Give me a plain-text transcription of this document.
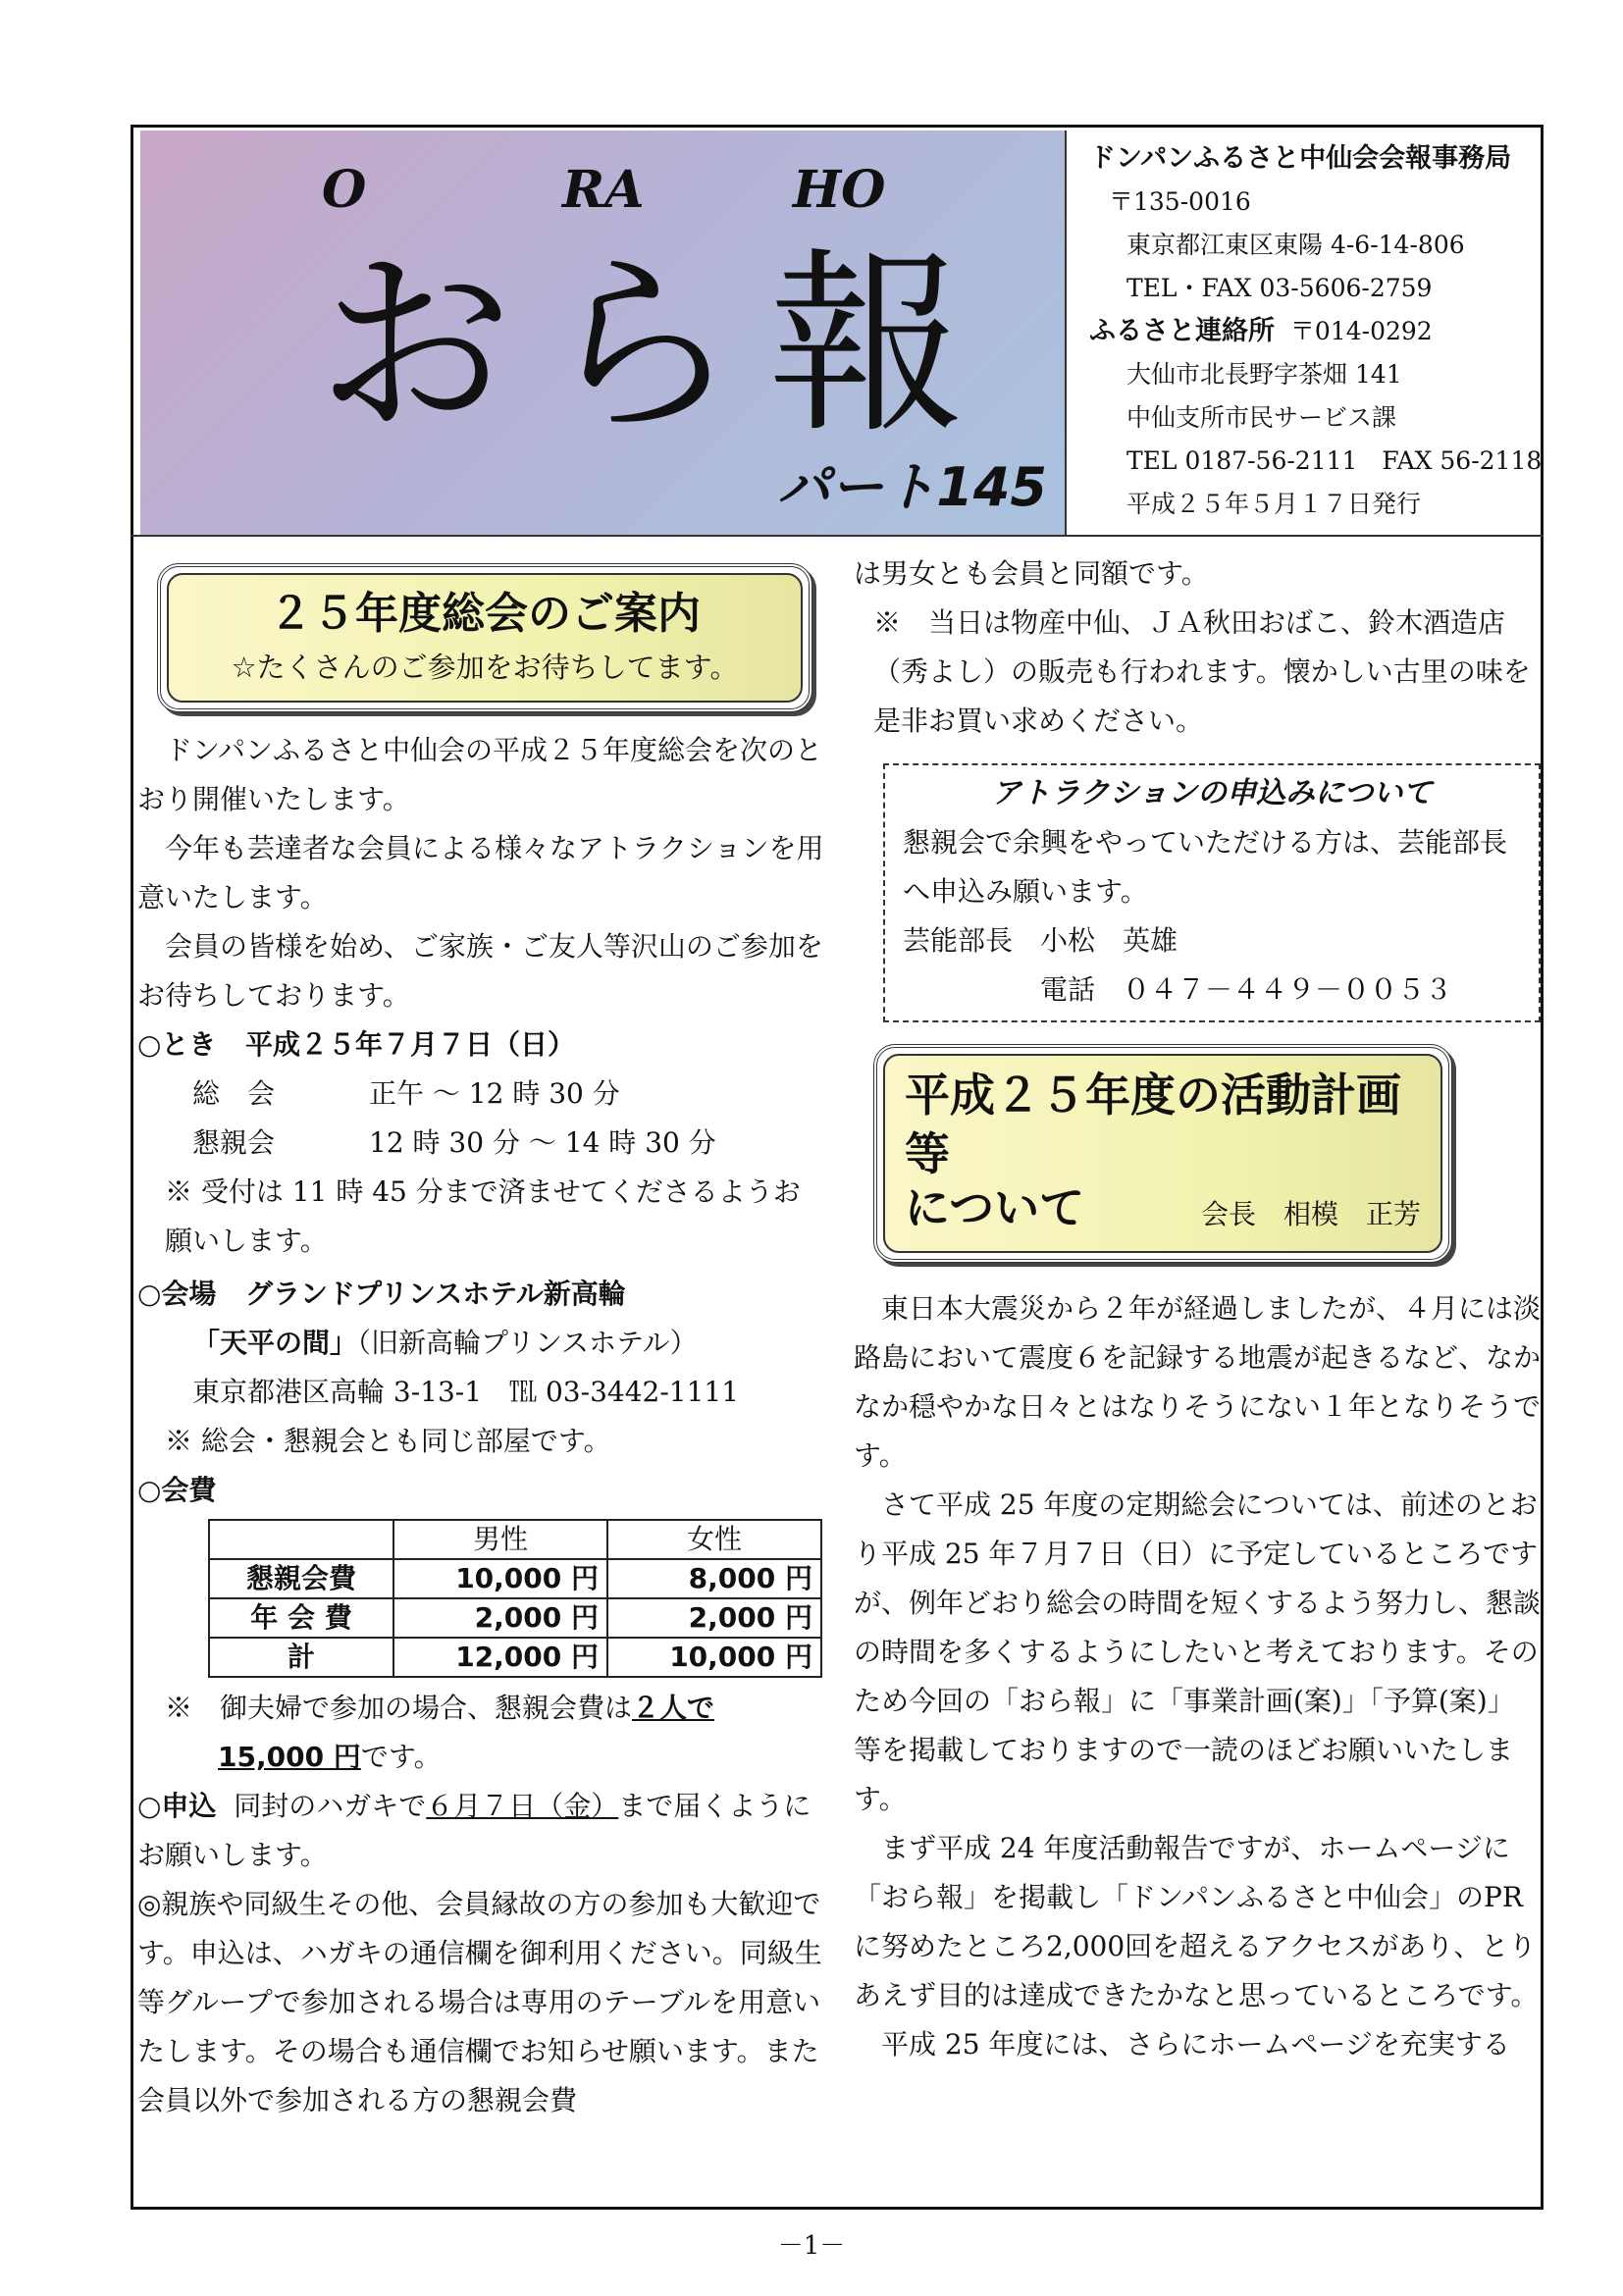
O	RA	HO
おら報
パート145
ドンパンふるさと中仙会会報事務局
〒135-0016
東京都江東区東陽 4-6-14-806
TEL・FAX 03-5606-2759
ふるさと連絡所 〒014-0292
大仙市北長野字茶畑 141
中仙支所市民サービス課
TEL 0187-56-2111　FAX 56-2118
平成２５年５月１７日発行
２５年度総会のご案内
☆たくさんのご参加をお待ちしてます。

ドンパンふるさと中仙会の平成２５年度総会を次のとおり開催いたします。

今年も芸達者な会員による様々なアトラクションを用意いたします。

会員の皆様を始め、ご家族・ご友人等沢山のご参加をお待ちしております。

○とき	平成２５年７月７日（日）
総　会	正午 ～ 12 時 30 分
懇親会	12 時 30 分 ～ 14 時 30 分

※ 受付は 11 時 45 分まで済ませてくださるようお願いします。

○会場	グランドプリンスホテル新高輪
「天平の間」（旧新高輪プリンスホテル）
東京都港区高輪 3-13-1　℡ 03-3442-1111
※ 総会・懇親会とも同じ部屋です。
○会費
	男性	女性
懇親会費	10,000 円	8,000 円
年 会 費	2,000 円	2,000 円
計	12,000 円	10,000 円

※　御夫婦で参加の場合、懇親会費は２人で
15,000 円です。

○申込 同封のハガキで６月７日（金）まで届くようにお願いします。

◎親族や同級生その他、会員縁故の方の参加も大歓迎です。申込は、ハガキの通信欄を御利用ください。同級生等グループで参加される場合は専用のテーブルを用意いたします。その場合も通信欄でお知らせ願います。また会員以外で参加される方の懇親会費

は男女とも会員と同額です。

※　当日は物産中仙、ＪＡ秋田おばこ、鈴木酒造店（秀よし）の販売も行われます。懐かしい古里の味を是非お買い求めください。

アトラクションの申込みについて
懇親会で余興をやっていただける方は、芸能部長へ申込み願います。
芸能部長　小松　英雄
電話　０４７－４４９－００５３
平成２５年度の活動計画等
について	会長　相模　正芳

東日本大震災から２年が経過しましたが、４月には淡路島において震度６を記録する地震が起きるなど、なかなか穏やかな日々とはなりそうにない１年となりそうです。

さて平成 25 年度の定期総会については、前述のとおり平成 25 年７月７日（日）に予定しているところですが、例年どおり総会の時間を短くするよう努力し、懇談の時間を多くするようにしたいと考えております。そのため今回の「おら報」に「事業計画(案)」「予算(案)」等を掲載しておりますので一読のほどお願いいたします。

まず平成 24 年度活動報告ですが、ホームページに「おら報」を掲載し「ドンパンふるさと中仙会」のPRに努めたところ2,000回を超えるアクセスがあり、とりあえず目的は達成できたかなと思っているところです。

平成 25 年度には、さらにホームページを充実する

－1－
